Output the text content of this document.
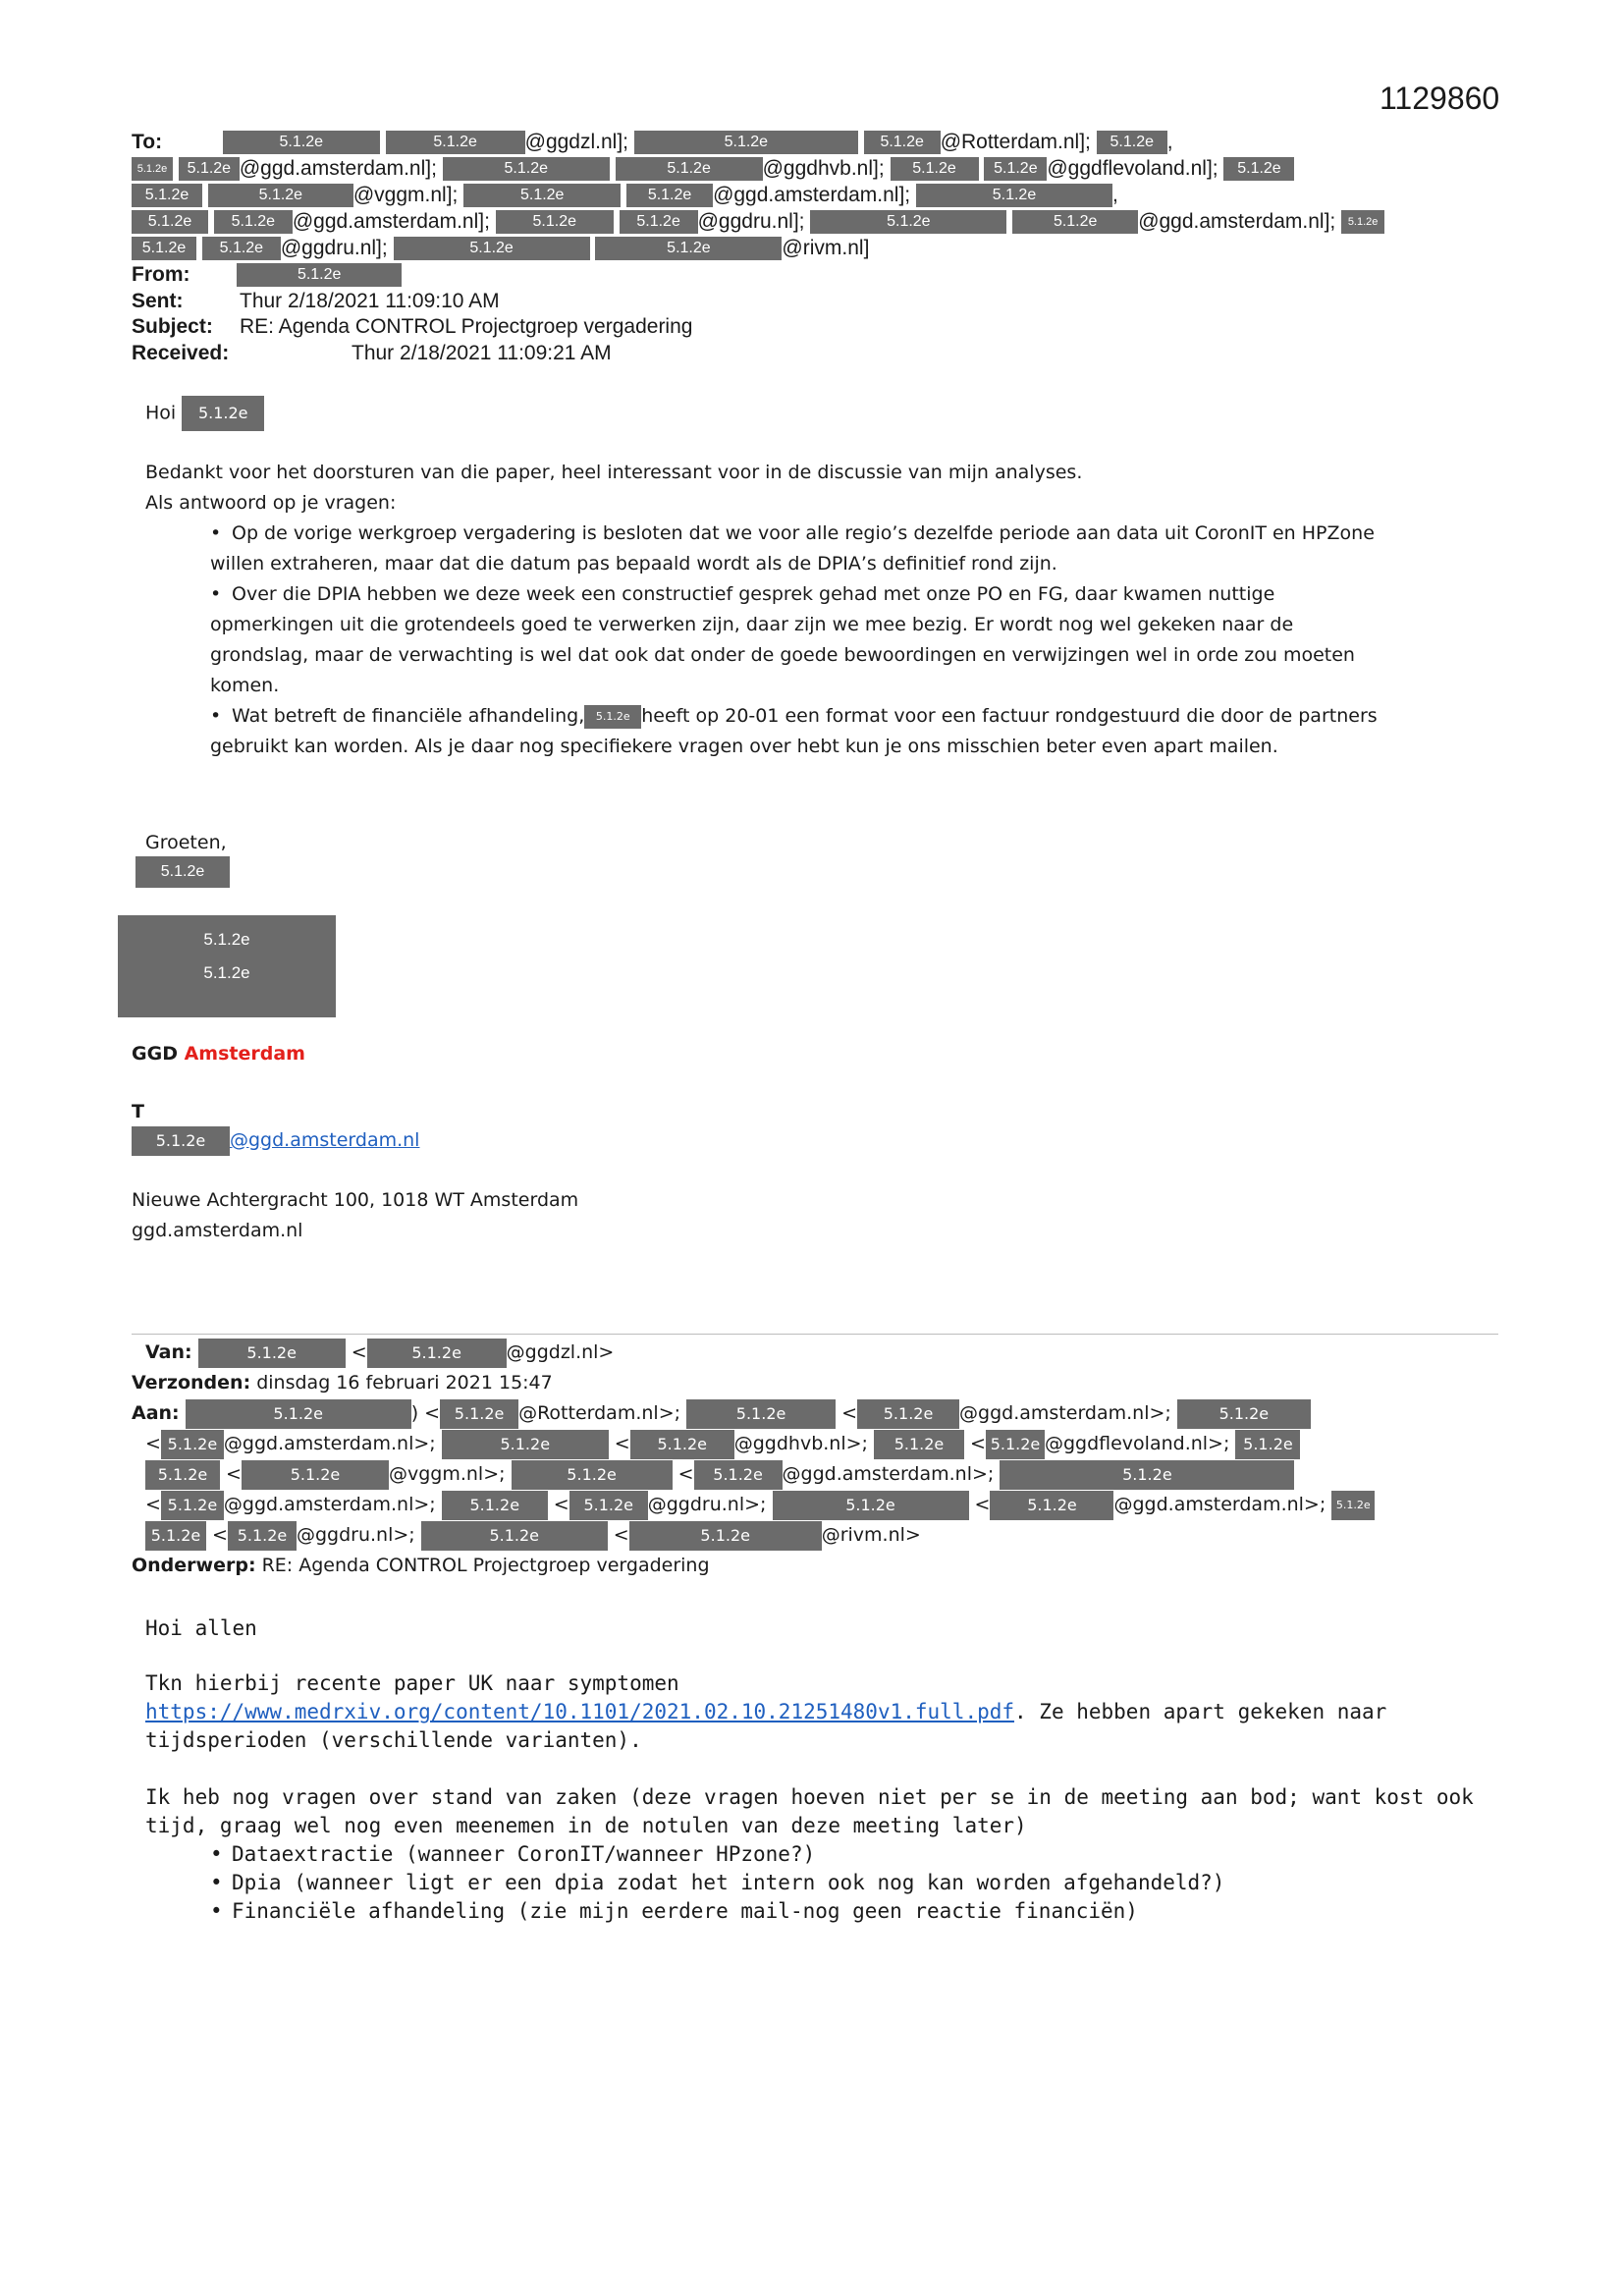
1129860
To:	5.1.2e	5.1.2e @ggdzl.nl];	5.1.2e	5.1.2e @Rotterdam.nl]; 5.1.2e ,
5.1.2e 5.1.2e @ggd.amsterdam.nl];	5.1.2e	5.1.2e	@ggdhvb.nl]; 5.1.2e 5.1.2e @ggdflevoland.nl]; 5.1.2e
5.1.2e	5.1.2e @vggm.nl];	5.1.2e	5.1.2e @ggd.amsterdam.nl];	5.1.2e	,
5.1.2e	5.1.2e @ggd.amsterdam.nl];	5.1.2e	5.1.2e @ggdru.nl];	5.1.2e	5.1.2e @ggd.amsterdam.nl]; 5.1.2e
5.1.2e 5.1.2e @ggdru.nl];	5.1.2e	5.1.2e	@rivm.nl]
From:	5.1.2e
Sent:	Thur 2/18/2021 11:09:10 AM
Subject: RE: Agenda CONTROL Projectgroep vergadering
Received:	Thur 2/18/2021 11:09:21 AM
Hoi 5.1.2e
Bedankt voor het doorsturen van die paper, heel interessant voor in de discussie van mijn analyses.
Als antwoord op je vragen:
• Op de vorige werkgroep vergadering is besloten dat we voor alle regio’s dezelfde periode aan data uit CoronIT en HPZone
willen extraheren, maar dat die datum pas bepaald wordt als de DPIA’s definitief rond zijn.
• Over die DPIA hebben we deze week een constructief gesprek gehad met onze PO en FG, daar kwamen nuttige
opmerkingen uit die grotendeels goed te verwerken zijn, daar zijn we mee bezig. Er wordt nog wel gekeken naar de
grondslag, maar de verwachting is wel dat ook dat onder de goede bewoordingen en verwijzingen wel in orde zou moeten
komen.
• Wat betreft de financiële afhandeling, 5.1.2e heeft op 20-01 een format voor een factuur rondgestuurd die door de partners
gebruikt kan worden. Als je daar nog specifiekere vragen over hebt kun je ons misschien beter even apart mailen.
Groeten,
5.1.2e
5.1.2e
5.1.2e
GGD Amsterdam
T
5.1.2e @ggd.amsterdam.nl
Nieuwe Achtergracht 100, 1018 WT Amsterdam
ggd.amsterdam.nl
Van:	5.1.2e	<	5.1.2e @ggdzl.nl>
Verzonden: dinsdag 16 februari 2021 15:47
Aan:	5.1.2e	) < 5.1.2e @Rotterdam.nl>;	5.1.2e	< 5.1.2e @ggd.amsterdam.nl>;	5.1.2e
< 5.1.2e @ggd.amsterdam.nl>;	5.1.2e	< 5.1.2e @ggdhvb.nl>; 5.1.2e < 5.1.2e @ggdflevoland.nl>; 5.1.2e
5.1.2e <	5.1.2e	@vggm.nl>;	5.1.2e	< 5.1.2e @ggd.amsterdam.nl>;	5.1.2e
< 5.1.2e @ggd.amsterdam.nl>; 5.1.2e < 5.1.2e @ggdru.nl>;	5.1.2e	< 5.1.2e @ggd.amsterdam.nl>; 5.1.2e
5.1.2e < 5.1.2e @ggdru.nl>;	5.1.2e	<	5.1.2e	@rivm.nl>
Onderwerp: RE: Agenda CONTROL Projectgroep vergadering
Hoi allen
Tkn hierbij recente paper UK naar symptomen
https://www.medrxiv.org/content/10.1101/2021.02.10.21251480v1.full.pdf. Ze hebben apart gekeken naar
tijdsperioden (verschillende varianten).
Ik heb nog vragen over stand van zaken (deze vragen hoeven niet per se in de meeting aan bod; want kost ook
tijd, graag wel nog even meenemen in de notulen van deze meeting later)
• Dataextractie (wanneer CoronIT/wanneer HPzone?)
• Dpia (wanneer ligt er een dpia zodat het intern ook nog kan worden afgehandeld?)
• Financiële afhandeling (zie mijn eerdere mail-nog geen reactie financiën)
